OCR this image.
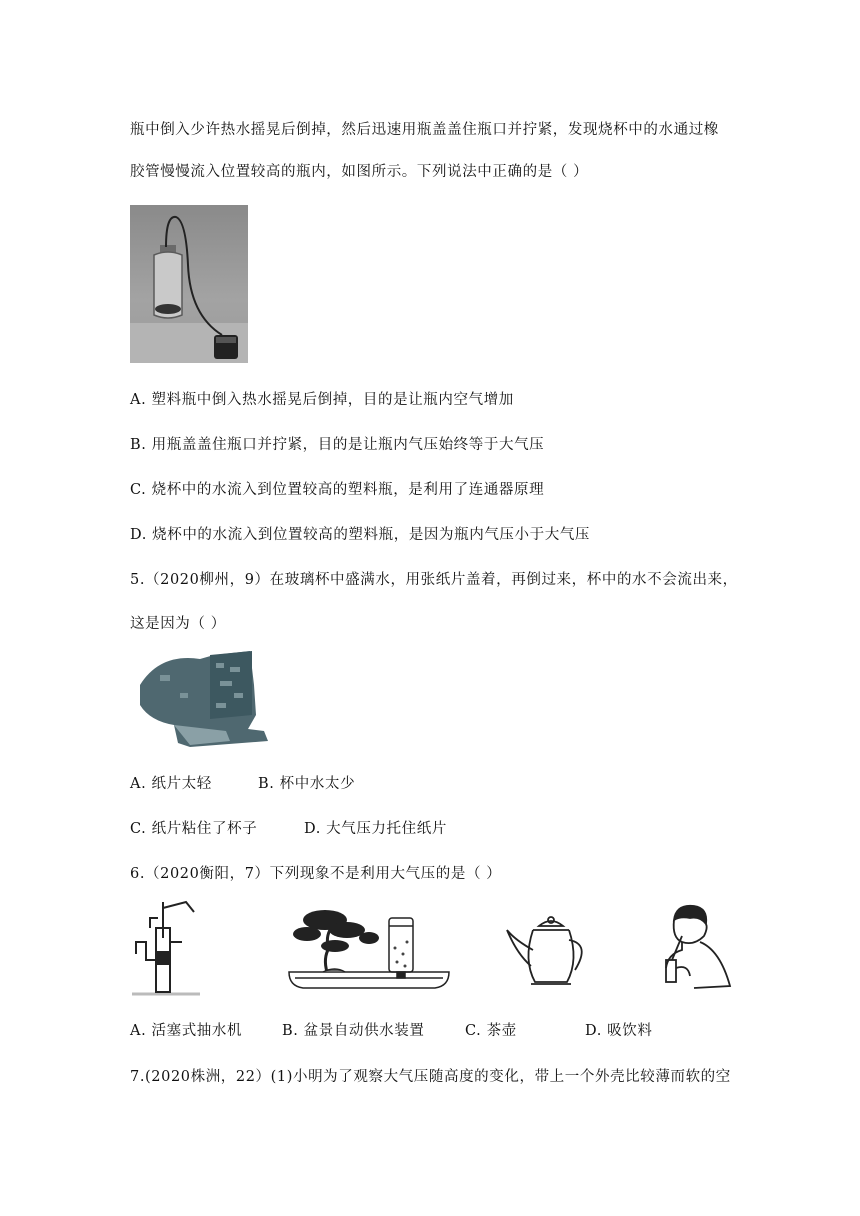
瓶中倒入少许热水摇晃后倒掉，然后迅速用瓶盖盖住瓶口并拧紧，发现烧杯中的水通过橡
胶管慢慢流入位置较高的瓶内，如图所示。下列说法中正确的是（ ）
A. 塑料瓶中倒入热水摇晃后倒掉，目的是让瓶内空气增加
B. 用瓶盖盖住瓶口并拧紧，目的是让瓶内气压始终等于大气压
C. 烧杯中的水流入到位置较高的塑料瓶，是利用了连通器原理
D. 烧杯中的水流入到位置较高的塑料瓶，是因为瓶内气压小于大气压
5.（2020柳州，9）在玻璃杯中盛满水，用张纸片盖着，再倒过来，杯中的水不会流出来，
这是因为（ ）
A. 纸片太轻	B. 杯中水太少
C. 纸片粘住了杯子	D. 大气压力托住纸片
6.（2020衡阳，7）下列现象不是利用大气压的是（ ）
A. 活塞式抽水机	B. 盆景自动供水装置	C. 茶壶	D. 吸饮料
7.(2020株洲，22）(1)小明为了观察大气压随高度的变化，带上一个外壳比较薄而软的空
